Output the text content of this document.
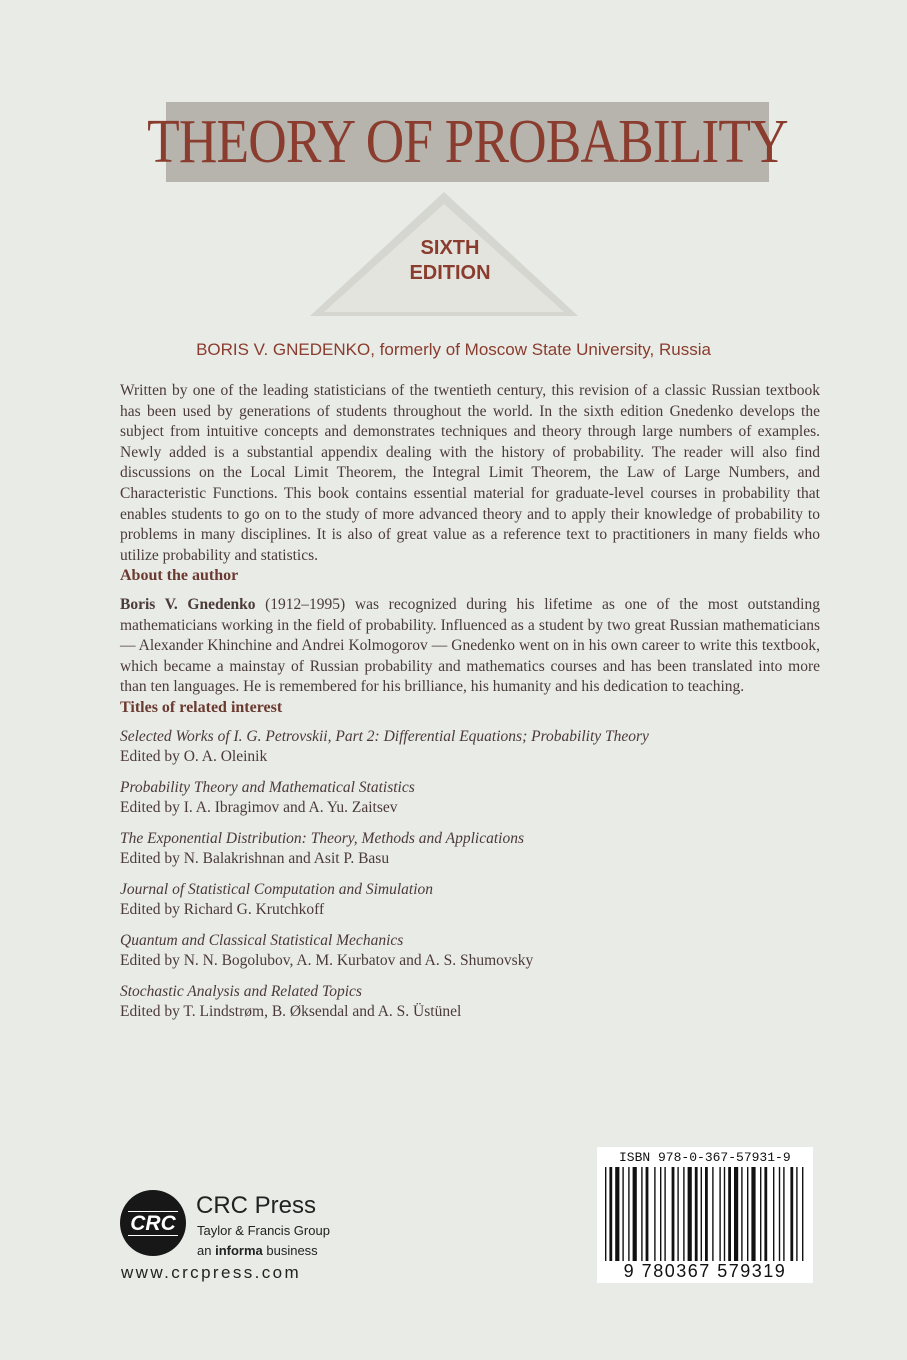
THEORY OF PROBABILITY
SIXTH
EDITION
BORIS V. GNEDENKO, formerly of Moscow State University, Russia

Written by one of the leading statisticians of the twentieth century, this revision of a classic Russian textbook has been used by generations of students throughout the world. In the sixth edition Gnedenko develops the subject from intuitive concepts and demonstrates techniques and theory through large numbers of examples. Newly added is a substantial appendix dealing with the history of probability. The reader will also find discussions on the Local Limit Theorem, the Integral Limit Theorem, the Law of Large Numbers, and Characteristic Functions. This book contains essential material for graduate-level courses in probability that enables students to go on to the study of more advanced theory and to apply their knowledge of probability to problems in many disciplines. It is also of great value as a reference text to practitioners in many fields who utilize probability and statistics.

About the author

Boris V. Gnedenko (1912–1995) was recognized during his lifetime as one of the most outstanding mathematicians working in the field of probability. Influenced as a student by two great Russian mathematicians — Alexander Khinchine and Andrei Kolmogorov — Gnedenko went on in his own career to write this textbook, which became a mainstay of Russian probability and mathematics courses and has been translated into more than ten languages. He is remembered for his brilliance, his humanity and his dedication to teaching.

Titles of related interest

Selected Works of I. G. Petrovskii, Part 2: Differential Equations; Probability Theory
Edited by O. A. Oleinik
Probability Theory and Mathematical Statistics
Edited by I. A. Ibragimov and A. Yu. Zaitsev
The Exponential Distribution: Theory, Methods and Applications
Edited by N. Balakrishnan and Asit P. Basu
Journal of Statistical Computation and Simulation
Edited by Richard G. Krutchkoff
Quantum and Classical Statistical Mechanics
Edited by N. N. Bogolubov, A. M. Kurbatov and A. S. Shumovsky
Stochastic Analysis and Related Topics
Edited by T. Lindstrøm, B. Øksendal and A. S. Üstünel
CRC
CRC Press
Taylor & Francis Group
an informa business
www.crcpress.com
ISBN 978-0-367-57931-9
9 780367 579319
